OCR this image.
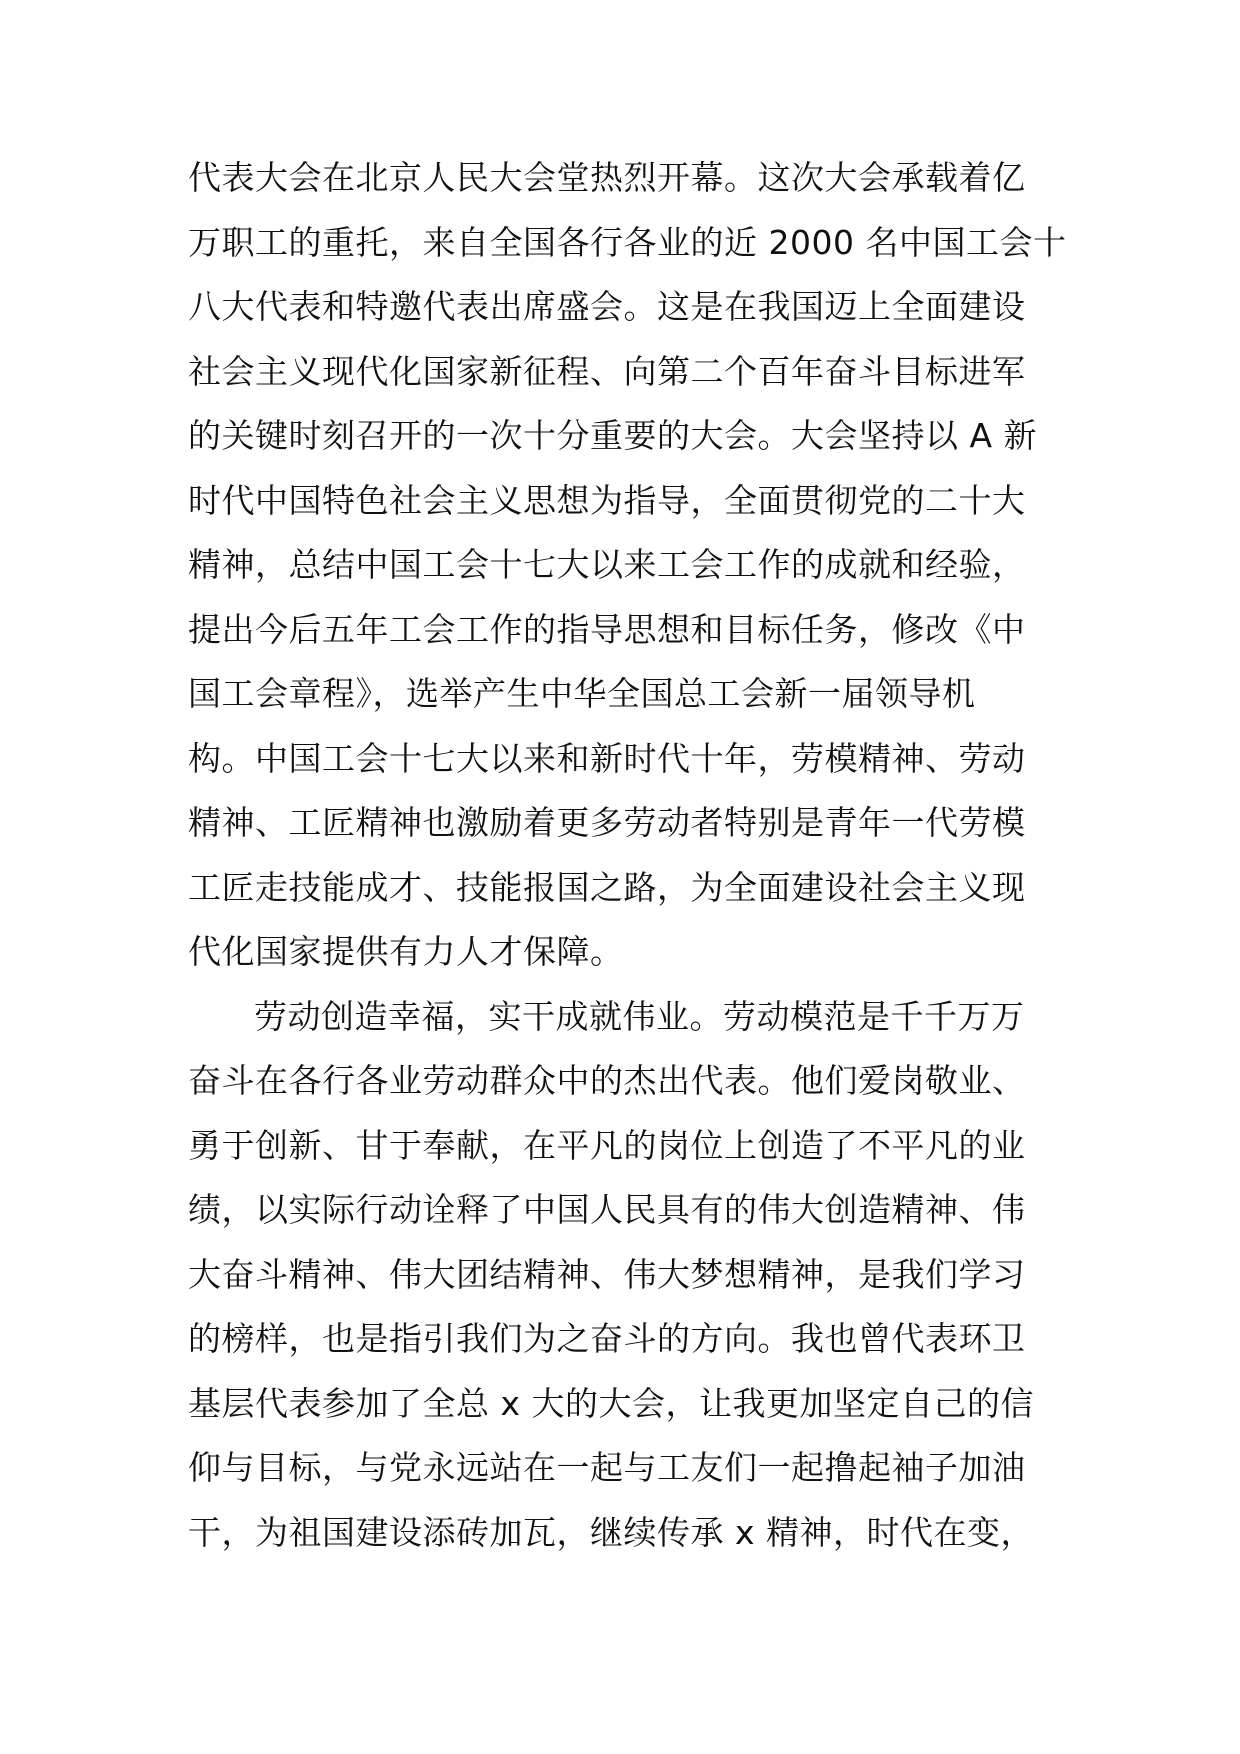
代表大会在北京人民大会堂热烈开幕。这次大会承载着亿
万职工的重托，来自全国各行各业的近 2000 名中国工会十
八大代表和特邀代表出席盛会。这是在我国迈上全面建设
社会主义现代化国家新征程、向第二个百年奋斗目标进军
的关键时刻召开的一次十分重要的大会。大会坚持以 A 新
时代中国特色社会主义思想为指导，全面贯彻党的二十大
精神，总结中国工会十七大以来工会工作的成就和经验，
提出今后五年工会工作的指导思想和目标任务，修改《中
国工会章程》，选举产生中华全国总工会新一届领导机
构。中国工会十七大以来和新时代十年，劳模精神、劳动
精神、工匠精神也激励着更多劳动者特别是青年一代劳模
工匠走技能成才、技能报国之路，为全面建设社会主义现
代化国家提供有力人才保障。
劳动创造幸福，实干成就伟业。劳动模范是千千万万
奋斗在各行各业劳动群众中的杰出代表。他们爱岗敬业、
勇于创新、甘于奉献，在平凡的岗位上创造了不平凡的业
绩，以实际行动诠释了中国人民具有的伟大创造精神、伟
大奋斗精神、伟大团结精神、伟大梦想精神，是我们学习
的榜样，也是指引我们为之奋斗的方向。我也曾代表环卫
基层代表参加了全总 x 大的大会，让我更加坚定自己的信
仰与目标，与党永远站在一起与工友们一起撸起袖子加油
干，为祖国建设添砖加瓦，继续传承 x 精神，时代在变，
